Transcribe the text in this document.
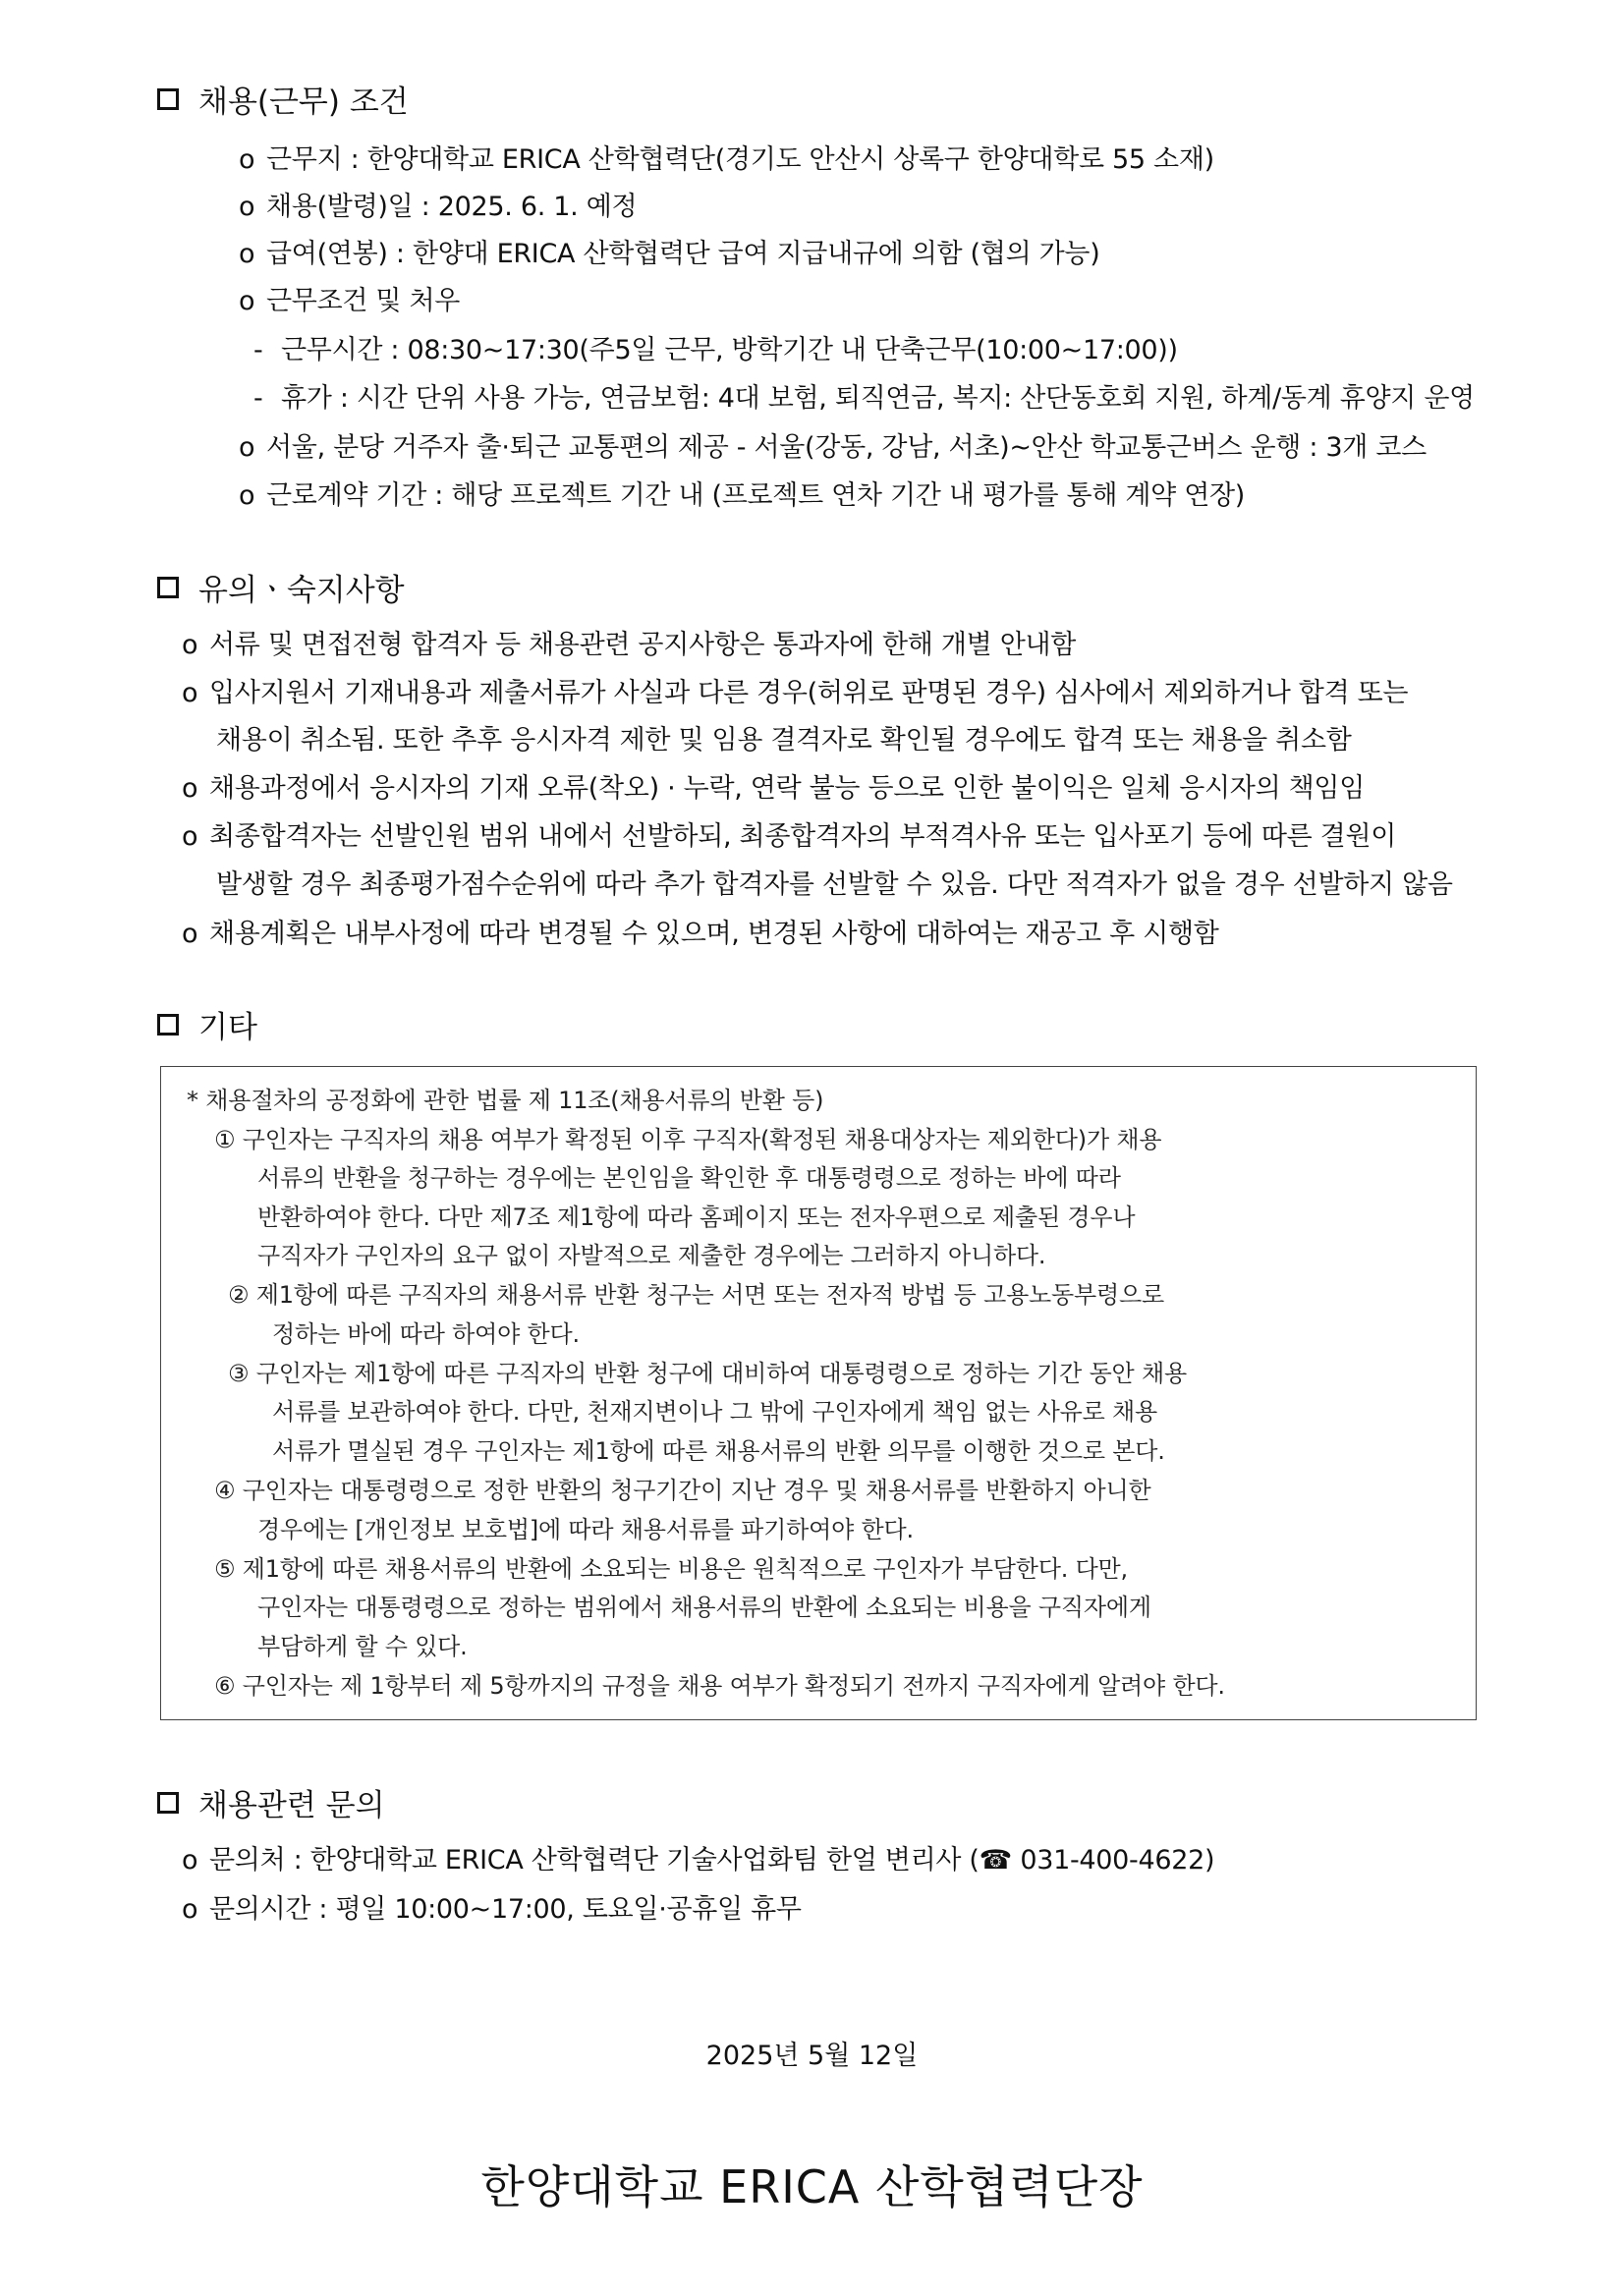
채용(근무) 조건
o 근무지 : 한양대학교 ERICA 산학협력단(경기도 안산시 상록구 한양대학로 55 소재)
o 채용(발령)일 : 2025. 6. 1. 예정
o 급여(연봉) : 한양대 ERICA 산학협력단 급여 지급내규에 의함 (협의 가능)
o 근무조건 및 처우
- 근무시간 : 08:30~17:30(주5일 근무, 방학기간 내 단축근무(10:00~17:00))
- 휴가 : 시간 단위 사용 가능, 연금보험: 4대 보험, 퇴직연금, 복지: 산단동호회 지원, 하계/동계 휴양지 운영
o 서울, 분당 거주자 출·퇴근 교통편의 제공 - 서울(강동, 강남, 서초)~안산 학교통근버스 운행 : 3개 코스
o 근로계약 기간 : 해당 프로젝트 기간 내 (프로젝트 연차 기간 내 평가를 통해 계약 연장)
유의ㆍ숙지사항
o 서류 및 면접전형 합격자 등 채용관련 공지사항은 통과자에 한해 개별 안내함
o 입사지원서 기재내용과 제출서류가 사실과 다른 경우(허위로 판명된 경우) 심사에서 제외하거나 합격 또는
채용이 취소됨. 또한 추후 응시자격 제한 및 임용 결격자로 확인될 경우에도 합격 또는 채용을 취소함
o 채용과정에서 응시자의 기재 오류(착오) · 누락, 연락 불능 등으로 인한 불이익은 일체 응시자의 책임임
o 최종합격자는 선발인원 범위 내에서 선발하되, 최종합격자의 부적격사유 또는 입사포기 등에 따른 결원이
발생할 경우 최종평가점수순위에 따라 추가 합격자를 선발할 수 있음. 다만 적격자가 없을 경우 선발하지 않음
o 채용계획은 내부사정에 따라 변경될 수 있으며, 변경된 사항에 대하여는 재공고 후 시행함
기타
* 채용절차의 공정화에 관한 법률 제 11조(채용서류의 반환 등)
① 구인자는 구직자의 채용 여부가 확정된 이후 구직자(확정된 채용대상자는 제외한다)가 채용
서류의 반환을 청구하는 경우에는 본인임을 확인한 후 대통령령으로 정하는 바에 따라
반환하여야 한다. 다만 제7조 제1항에 따라 홈페이지 또는 전자우편으로 제출된 경우나
구직자가 구인자의 요구 없이 자발적으로 제출한 경우에는 그러하지 아니하다.
② 제1항에 따른 구직자의 채용서류 반환 청구는 서면 또는 전자적 방법 등 고용노동부령으로
정하는 바에 따라 하여야 한다.
③ 구인자는 제1항에 따른 구직자의 반환 청구에 대비하여 대통령령으로 정하는 기간 동안 채용
서류를 보관하여야 한다. 다만, 천재지변이나 그 밖에 구인자에게 책임 없는 사유로 채용
서류가 멸실된 경우 구인자는 제1항에 따른 채용서류의 반환 의무를 이행한 것으로 본다.
④ 구인자는 대통령령으로 정한 반환의 청구기간이 지난 경우 및 채용서류를 반환하지 아니한
경우에는 [개인정보 보호법]에 따라 채용서류를 파기하여야 한다.
⑤ 제1항에 따른 채용서류의 반환에 소요되는 비용은 원칙적으로 구인자가 부담한다. 다만,
구인자는 대통령령으로 정하는 범위에서 채용서류의 반환에 소요되는 비용을 구직자에게
부담하게 할 수 있다.
⑥ 구인자는 제 1항부터 제 5항까지의 규정을 채용 여부가 확정되기 전까지 구직자에게 알려야 한다.
채용관련 문의
o 문의처 : 한양대학교 ERICA 산학협력단 기술사업화팀 한얼 변리사 (☎ 031-400-4622)
o 문의시간 : 평일 10:00~17:00, 토요일·공휴일 휴무
2025년 5월 12일
한양대학교 ERICA 산학협력단장
